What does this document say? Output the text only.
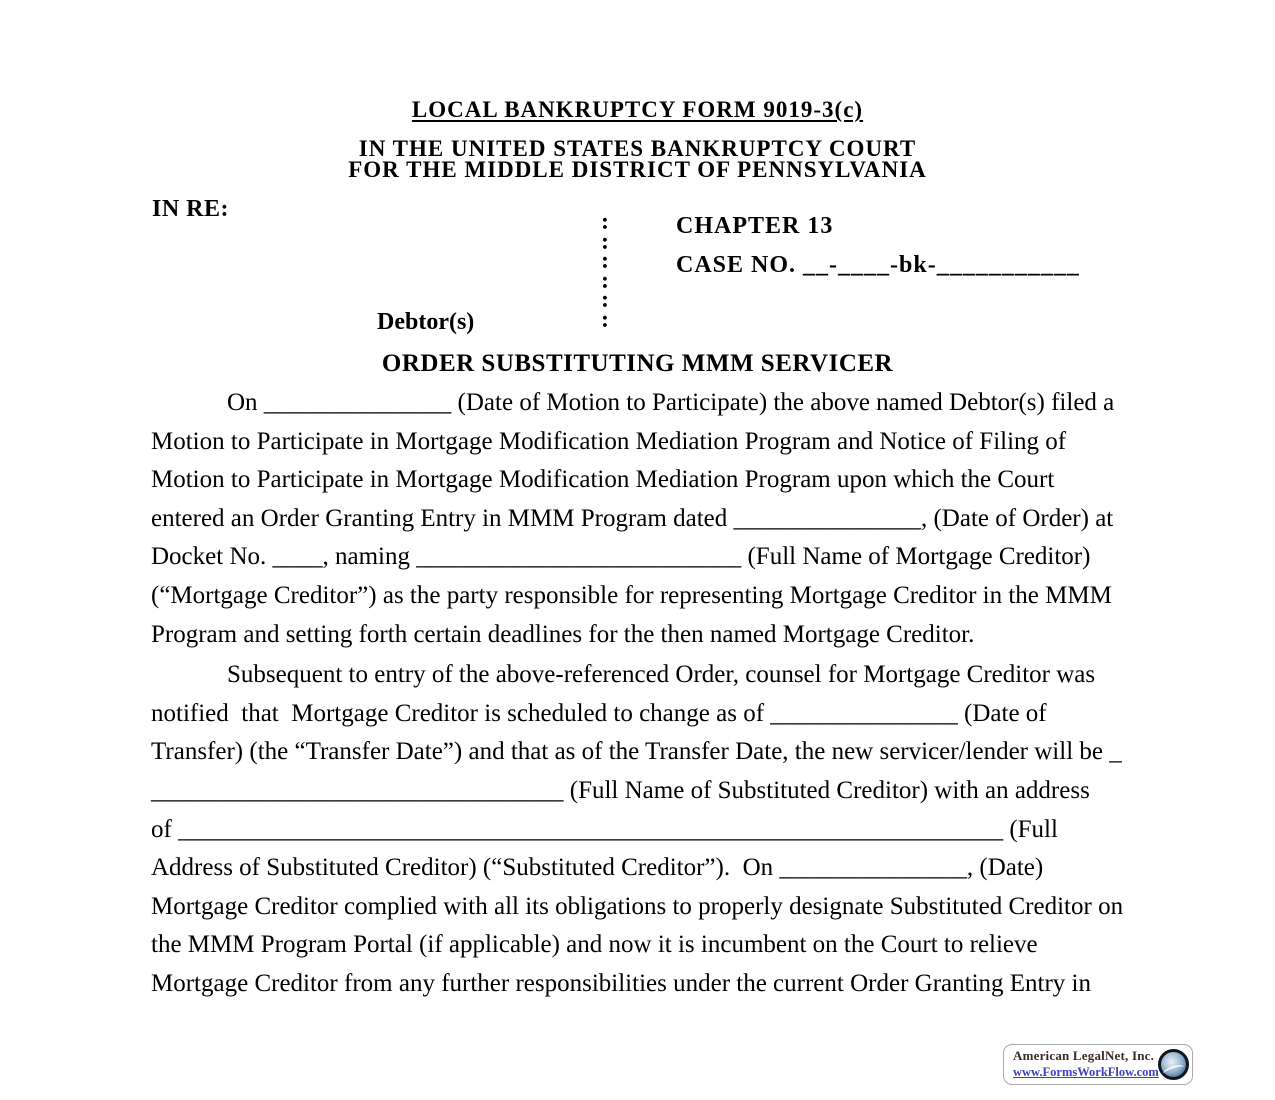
LOCAL BANKRUPTCY FORM 9019-3(c)
IN THE UNITED STATES BANKRUPTCY COURT
FOR THE MIDDLE DISTRICT OF PENNSYLVANIA
IN RE:	:
:
:
:
:
:
CHAPTER 13
CASE NO. __-____-bk-___________
Debtor(s)
ORDER SUBSTITUTING MMM SERVICER
On _______________ (Date of Motion to Participate) the above named Debtor(s) filed a
Motion to Participate in Mortgage Modification Mediation Program and Notice of Filing of
Motion to Participate in Mortgage Modification Mediation Program upon which the Court
entered an Order Granting Entry in MMM Program dated _______________, (Date of Order) at
Docket No. ____, naming __________________________ (Full Name of Mortgage Creditor)
(“Mortgage Creditor”) as the party responsible for representing Mortgage Creditor in the MMM
Program and setting forth certain deadlines for the then named Mortgage Creditor.
Subsequent to entry of the above-referenced Order, counsel for Mortgage Creditor was
notified  that  Mortgage Creditor is scheduled to change as of _______________ (Date of
Transfer) (the “Transfer Date”) and that as of the Transfer Date, the new servicer/lender will be _
_________________________________ (Full Name of Substituted Creditor) with an address
of __________________________________________________________________ (Full
Address of Substituted Creditor) (“Substituted Creditor”).  On _______________, (Date)
Mortgage Creditor complied with all its obligations to properly designate Substituted Creditor on
the MMM Program Portal (if applicable) and now it is incumbent on the Court to relieve
Mortgage Creditor from any further responsibilities under the current Order Granting Entry in
American LegalNet, Inc.
www.FormsWorkFlow.com
